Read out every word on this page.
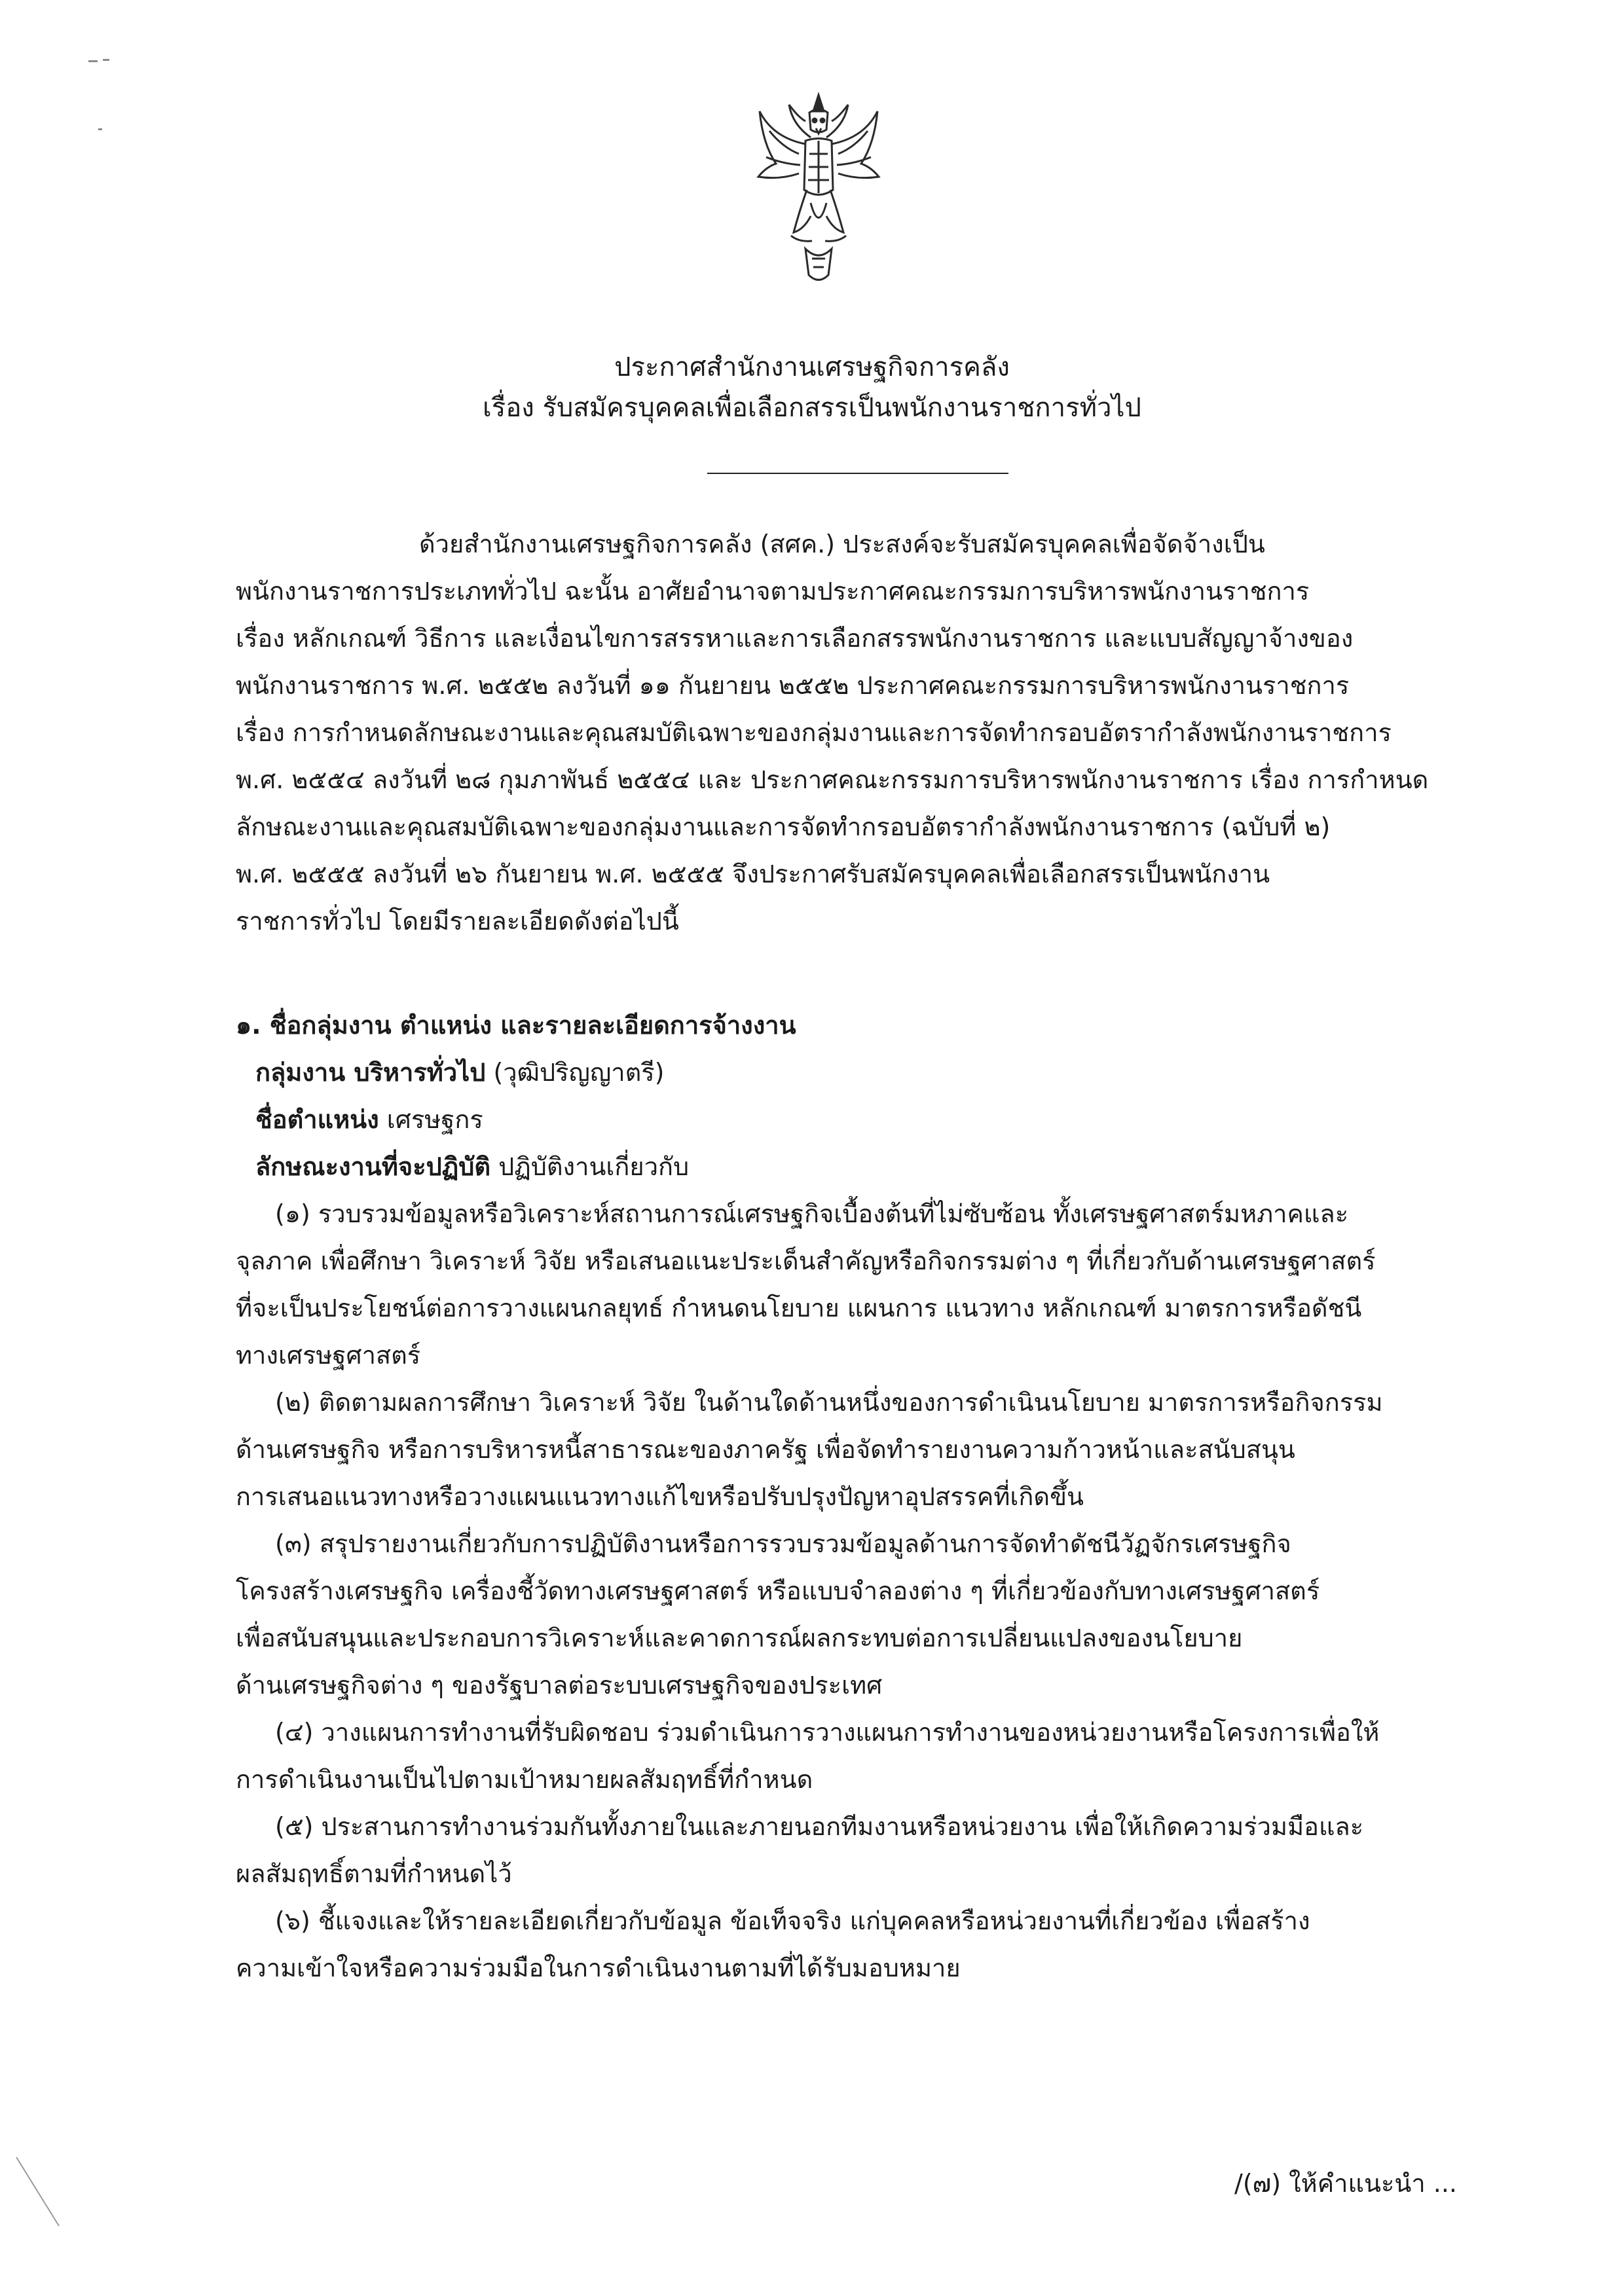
ประกาศสำนักงานเศรษฐกิจการคลัง
เรื่อง รับสมัครบุคคลเพื่อเลือกสรรเป็นพนักงานราชการทั่วไป
ด้วยสำนักงานเศรษฐกิจการคลัง (สศค.) ประสงค์จะรับสมัครบุคคลเพื่อจัดจ้างเป็น
พนักงานราชการประเภททั่วไป ฉะนั้น อาศัยอำนาจตามประกาศคณะกรรมการบริหารพนักงานราชการ
เรื่อง หลักเกณฑ์ วิธีการ และเงื่อนไขการสรรหาและการเลือกสรรพนักงานราชการ และแบบสัญญาจ้างของ
พนักงานราชการ พ.ศ. ๒๕๕๒ ลงวันที่ ๑๑ กันยายน ๒๕๕๒ ประกาศคณะกรรมการบริหารพนักงานราชการ
เรื่อง การกำหนดลักษณะงานและคุณสมบัติเฉพาะของกลุ่มงานและการจัดทำกรอบอัตรากำลังพนักงานราชการ
พ.ศ. ๒๕๕๔ ลงวันที่ ๒๘ กุมภาพันธ์ ๒๕๕๔ และ ประกาศคณะกรรมการบริหารพนักงานราชการ เรื่อง การกำหนด
ลักษณะงานและคุณสมบัติเฉพาะของกลุ่มงานและการจัดทำกรอบอัตรากำลังพนักงานราชการ (ฉบับที่ ๒)
พ.ศ. ๒๕๕๕ ลงวันที่ ๒๖ กันยายน พ.ศ. ๒๕๕๕ จึงประกาศรับสมัครบุคคลเพื่อเลือกสรรเป็นพนักงาน
ราชการทั่วไป โดยมีรายละเอียดดังต่อไปนี้
๑. ชื่อกลุ่มงาน ตำแหน่ง และรายละเอียดการจ้างงาน
กลุ่มงาน บริหารทั่วไป (วุฒิปริญญาตรี)
ชื่อตำแหน่ง เศรษฐกร
ลักษณะงานที่จะปฏิบัติ ปฏิบัติงานเกี่ยวกับ
(๑) รวบรวมข้อมูลหรือวิเคราะห์สถานการณ์เศรษฐกิจเบื้องต้นที่ไม่ซับซ้อน ทั้งเศรษฐศาสตร์มหภาคและ
จุลภาค เพื่อศึกษา วิเคราะห์ วิจัย หรือเสนอแนะประเด็นสำคัญหรือกิจกรรมต่าง ๆ ที่เกี่ยวกับด้านเศรษฐศาสตร์
ที่จะเป็นประโยชน์ต่อการวางแผนกลยุทธ์ กำหนดนโยบาย แผนการ แนวทาง หลักเกณฑ์ มาตรการหรือดัชนี
ทางเศรษฐศาสตร์
(๒) ติดตามผลการศึกษา วิเคราะห์ วิจัย ในด้านใดด้านหนึ่งของการดำเนินนโยบาย มาตรการหรือกิจกรรม
ด้านเศรษฐกิจ หรือการบริหารหนี้สาธารณะของภาครัฐ เพื่อจัดทำรายงานความก้าวหน้าและสนับสนุน
การเสนอแนวทางหรือวางแผนแนวทางแก้ไขหรือปรับปรุงปัญหาอุปสรรคที่เกิดขึ้น
(๓) สรุปรายงานเกี่ยวกับการปฏิบัติงานหรือการรวบรวมข้อมูลด้านการจัดทำดัชนีวัฏจักรเศรษฐกิจ
โครงสร้างเศรษฐกิจ เครื่องชี้วัดทางเศรษฐศาสตร์ หรือแบบจำลองต่าง ๆ ที่เกี่ยวข้องกับทางเศรษฐศาสตร์
เพื่อสนับสนุนและประกอบการวิเคราะห์และคาดการณ์ผลกระทบต่อการเปลี่ยนแปลงของนโยบาย
ด้านเศรษฐกิจต่าง ๆ ของรัฐบาลต่อระบบเศรษฐกิจของประเทศ
(๔) วางแผนการทำงานที่รับผิดชอบ ร่วมดำเนินการวางแผนการทำงานของหน่วยงานหรือโครงการเพื่อให้
การดำเนินงานเป็นไปตามเป้าหมายผลสัมฤทธิ์ที่กำหนด
(๕) ประสานการทำงานร่วมกันทั้งภายในและภายนอกทีมงานหรือหน่วยงาน เพื่อให้เกิดความร่วมมือและ
ผลสัมฤทธิ์ตามที่กำหนดไว้
(๖) ชี้แจงและให้รายละเอียดเกี่ยวกับข้อมูล ข้อเท็จจริง แก่บุคคลหรือหน่วยงานที่เกี่ยวข้อง เพื่อสร้าง
ความเข้าใจหรือความร่วมมือในการดำเนินงานตามที่ได้รับมอบหมาย
/(๗) ให้คำแนะนำ ...
